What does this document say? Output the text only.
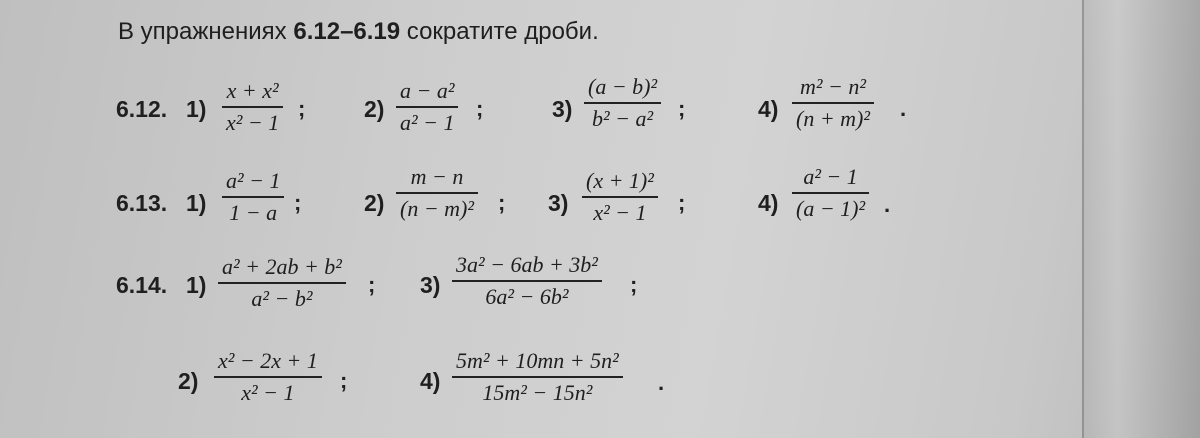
В упражнениях 6.12–6.19 сократите дроби.
6.12. 1)
x + x²
x² − 1
;	2)
a − a²
a² − 1
;	3)
(a − b)²
b² − a² ;	4)
m² − n²
(n + m)² .
6.13. 1)
a² − 1
1 − a ;	2)
m − n
(n − m)² ; 3)
(x + 1)²
x² − 1 ;	4)
a² − 1
(a − 1)² .
6.14. 1)
a² + 2ab + b²
a² − b²
; 3)
3a² − 6ab + 3b²
6a² − 6b²	;
2)
x² − 2x + 1
x² − 1 ;	4)
5m² + 10mn + 5n²
15m² − 15n²	.
